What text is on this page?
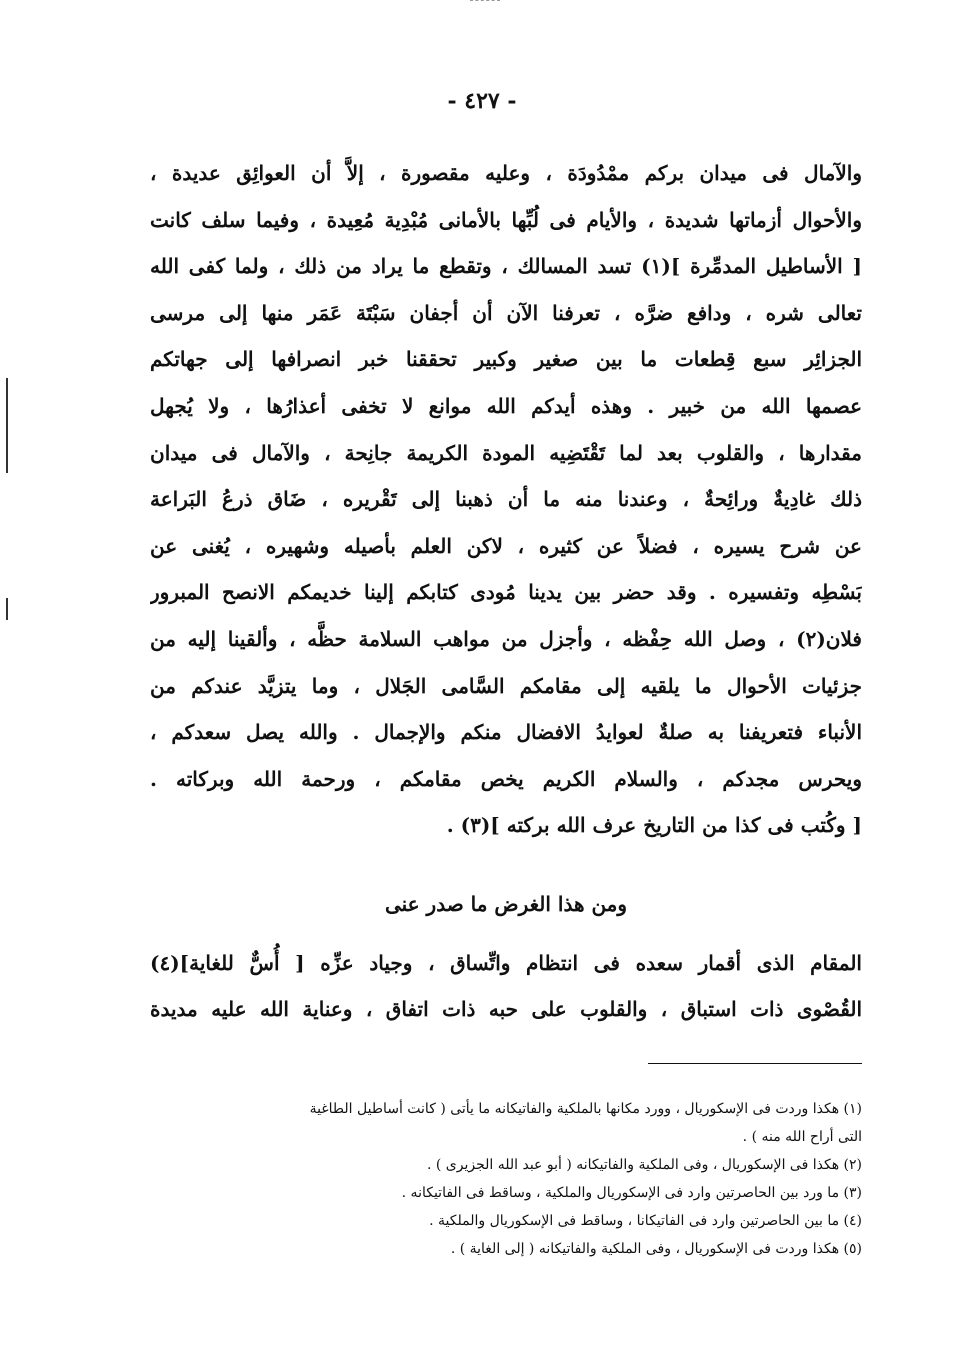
- ٤٢٧ -
والآمال فى ميدان بركم ممْدُودَة ، وعليه مقصورة ، إلاَّ أن العوائِق عديدة ،
والأحوال أزماتها شديدة ، والأيام فى لُبِّها بالأمانى مُبْدِية مُعِيدة ، وفيما سلف كانت
[ الأساطيل المدمِّرة ](١) تسد المسالك ، وتقطع ما يراد من ذلك ، ولما كفى الله
تعالى شره ، ودافع ضرَّه ، تعرفنا الآن أن أجفان سَبْتَة عَمَر منها إلى مرسى
الجزائِر سبع قِطعات ما بين صغير وكبير تحققنا خبر انصرافها إلى جهاتكم
عصمها الله من خبير . وهذه أيدكم الله موانع لا تخفى أعذارُها ، ولا يُجهل
مقدارها ، والقلوب بعد لما تَقْتَضِيه المودة الكريمة جانِحة ، والآمال فى ميدان
ذلك غادِيةٌ ورائِحةٌ ، وعندنا منه ما أن ذهبنا إلى تَقْريره ، ضَاق ذرعُ البَراعة
عن شرح يسيره ، فضلاً عن كثيره ، لاكن العلم بأصيله وشهيره ، يُغنى عن
بَسْطِه وتفسيره . وقد حضر بين يدينا مُودى كتابكم إلينا خديمكم الانصح المبرور
فلان(٢) ، وصل الله حِفْظه ، وأجزل من مواهب السلامة حظَّه ، وألقينا إليه من
جزئيات الأحوال ما يلقيه إلى مقامكم السَّامى الجَلال ، وما يتزيَّد عندكم من
الأنباء فتعريفنا به صلةٌ لعوايدُ الافضال منكم والإجمال . والله يصل سعدكم ،
ويحرس مجدكم ، والسلام الكريم يخص مقامكم ، ورحمة الله وبركاته .
[ وكُتب فى كذا من التاريخ عرف الله بركته ](٣) .
ومن هذا الغرض ما صدر عنى
المقام الذى أقمار سعده فى انتظام واتِّساق ، وجياد عزِّه [ أُسٌّ للغاية](٤)
القُصْوى ذات استباق ، والقلوب على حبه ذات اتفاق ، وعناية الله عليه مديدة
(١) هكذا وردت فى الإسكوريال ، وورد مكانها بالملكية والفاتيكانه ما يأتى ( كانت أساطيل الطاغية
التى أراح الله منه ) .
(٢) هكذا فى الإسكوريال ، وفى الملكية والفاتيكانه ( أبو عبد الله الجزيرى ) .
(٣) ما ورد بين الحاصرتين وارد فى الإسكوريال والملكية ، وساقط فى الفاتيكانه .
(٤) ما بين الحاصرتين وارد فى الفاتيكانا ، وساقط فى الإسكوريال والملكية .
(٥) هكذا وردت فى الإسكوريال ، وفى الملكية والفاتيكانه ( إلى الغاية ) .
